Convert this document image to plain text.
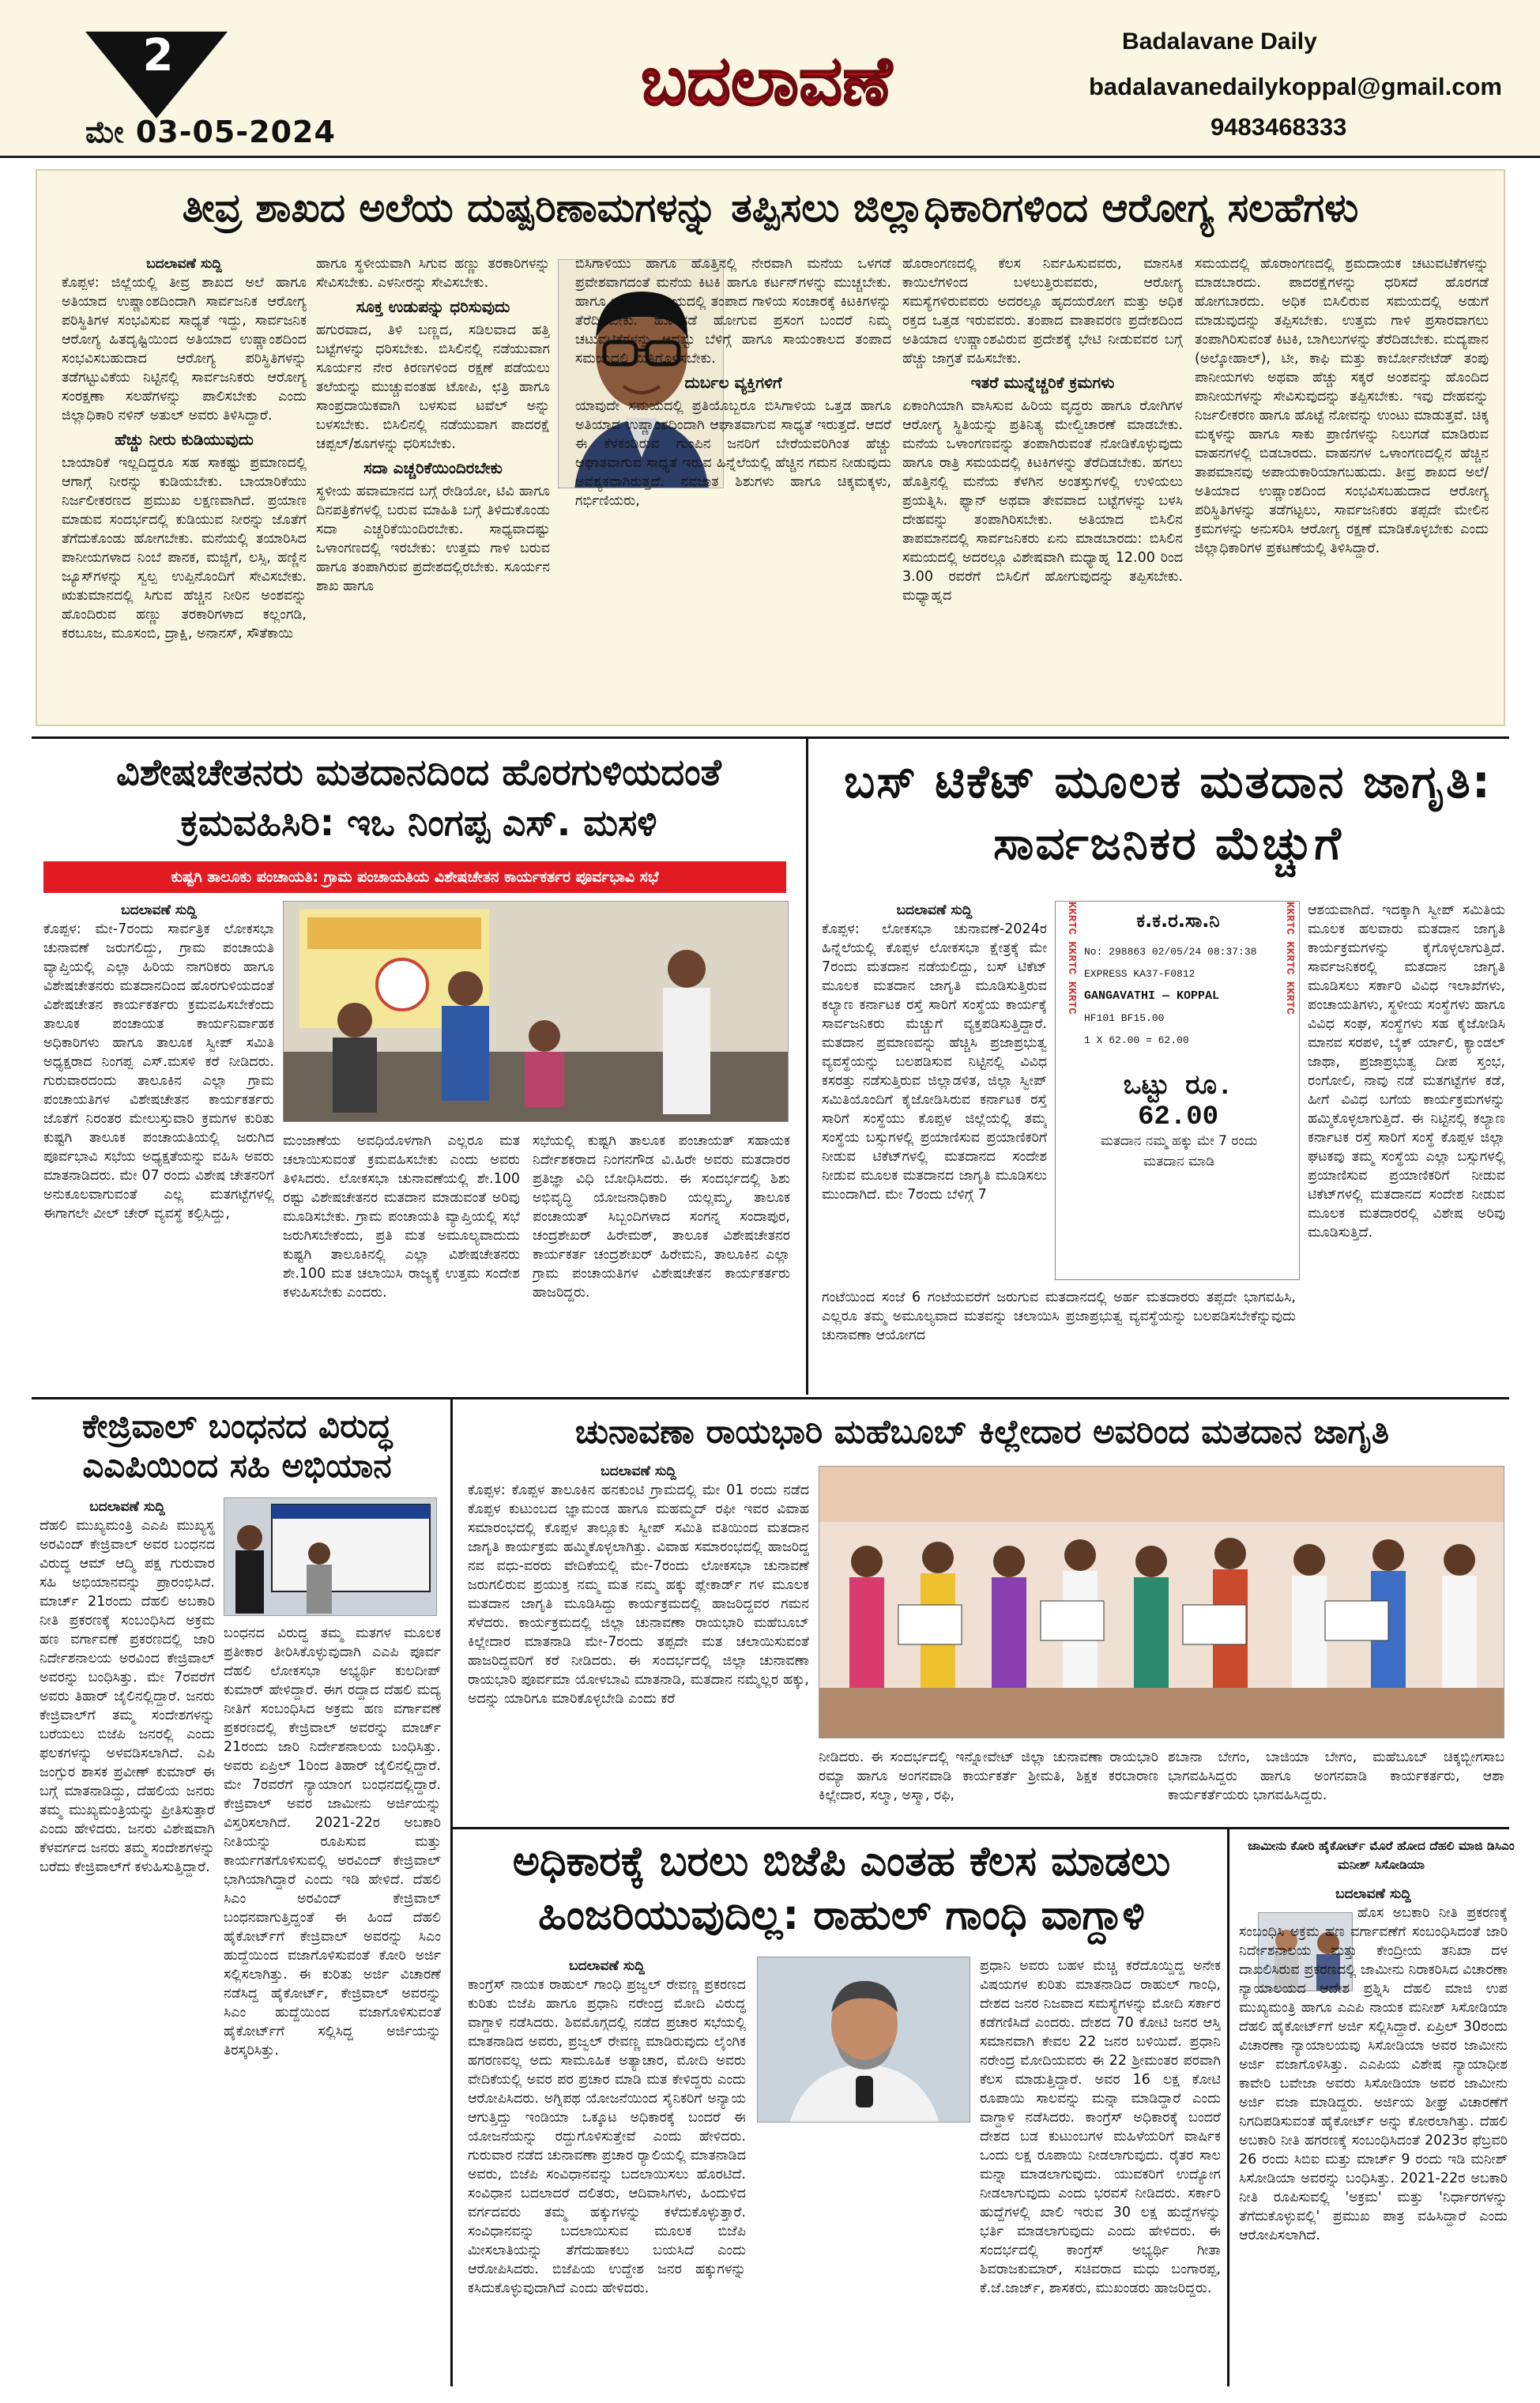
2
ಮೇ 03-05-2024
ಬದಲಾವಣೆ
Badalavane Daily
badalavanedailykoppal@gmail.com
9483468333
ತೀವ್ರ ಶಾಖದ ಅಲೆಯ ದುಷ್ಪರಿಣಾಮಗಳನ್ನು ತಪ್ಪಿಸಲು ಜಿಲ್ಲಾಧಿಕಾರಿಗಳಿಂದ ಆರೋಗ್ಯ ಸಲಹೆಗಳು
ಬದಲಾವಣೆ ಸುದ್ದಿ
ಕೊಪ್ಪಳ: ಜಿಲ್ಲೆಯಲ್ಲಿ ತೀವ್ರ ಶಾಖದ ಅಲೆ ಹಾಗೂ ಅತಿಯಾದ ಉಷ್ಣಾಂಶದಿಂದಾಗಿ ಸಾರ್ವಜನಿಕ ಆರೋಗ್ಯ ಪರಿಸ್ಥಿತಿಗಳ ಸಂಭವಿಸುವ ಸಾಧ್ಯತೆ ಇದ್ದು, ಸಾರ್ವಜನಿಕ ಆರೋಗ್ಯ ಹಿತದೃಷ್ಟಿಯಿಂದ ಅತಿಯಾದ ಉಷ್ಣಾಂಶದಿಂದ ಸಂಭವಿಸಬಹುದಾದ ಆರೋಗ್ಯ ಪರಿಸ್ಥಿತಿಗಳನ್ನು ತಡೆಗಟ್ಟುವಿಕೆಯ ನಿಟ್ಟಿನಲ್ಲಿ ಸಾರ್ವಜನಿಕರು ಆರೋಗ್ಯ ಸಂರಕ್ಷಣಾ ಸಲಹೆಗಳನ್ನು ಪಾಲಿಸಬೇಕು ಎಂದು ಜಿಲ್ಲಾಧಿಕಾರಿ ನಳಿನ್ ಅತುಲ್ ಅವರು ತಿಳಿಸಿದ್ದಾರೆ.
ಹೆಚ್ಚು ನೀರು ಕುಡಿಯುವುದು
ಬಾಯಾರಿಕೆ ಇಲ್ಲದಿದ್ದರೂ ಸಹ ಸಾಕಷ್ಟು ಪ್ರಮಾಣದಲ್ಲಿ ಆಗಾಗ್ಗೆ ನೀರನ್ನು ಕುಡಿಯಬೇಕು. ಬಾಯಾರಿಕೆಯು ನಿರ್ಜಲೀಕರಣದ ಪ್ರಮುಖ ಲಕ್ಷಣವಾಗಿದೆ. ಪ್ರಯಾಣ ಮಾಡುವ ಸಂದರ್ಭದಲ್ಲಿ ಕುಡಿಯುವ ನೀರನ್ನು ಜೊತೆಗೆ ತೆಗೆದುಕೊಂಡು ಹೋಗಬೇಕು. ಮನೆಯಲ್ಲಿ ತಯಾರಿಸಿದ ಪಾನೀಯಗಳಾದ ನಿಂಬೆ ಪಾನಕ, ಮಜ್ಜಿಗೆ, ಲಸ್ಸಿ, ಹಣ್ಣಿನ ಜ್ಯೂಸ್‌ಗಳನ್ನು ಸ್ವಲ್ಪ ಉಪ್ಪಿನೊಂದಿಗೆ ಸೇವಿಸಬೇಕು. ಋತುಮಾನದಲ್ಲಿ ಸಿಗುವ ಹೆಚ್ಚಿನ ನೀರಿನ ಅಂಶವನ್ನು ಹೊಂದಿರುವ ಹಣ್ಣು ತರಕಾರಿಗಳಾದ ಕಲ್ಲಂಗಡಿ, ಕರಬೂಜ, ಮೂಸಂಬಿ, ದ್ರಾಕ್ಷಿ, ಅನಾನಸ್, ಸೌತೆಕಾಯಿ
ಹಾಗೂ ಸ್ಥಳೀಯವಾಗಿ ಸಿಗುವ ಹಣ್ಣು ತರಕಾರಿಗಳನ್ನು ಸೇವಿಸಬೇಕು. ಎಳನೀರನ್ನು ಸೇವಿಸಬೇಕು.
ಸೂಕ್ತ ಉಡುಪನ್ನು ಧರಿಸುವುದು
ಹಗುರವಾದ, ತಿಳಿ ಬಣ್ಣದ, ಸಡಿಲವಾದ ಹತ್ತಿ ಬಟ್ಟೆಗಳನ್ನು ಧರಿಸಬೇಕು. ಬಿಸಿಲಿನಲ್ಲಿ ನಡೆಯುವಾಗ ಸೂರ್ಯನ ನೇರ ಕಿರಣಗಳಿಂದ ರಕ್ಷಣೆ ಪಡೆಯಲು ತಲೆಯನ್ನು ಮುಚ್ಚುವಂತಹ ಟೋಪಿ, ಛತ್ರಿ ಹಾಗೂ ಸಾಂಪ್ರದಾಯಿಕವಾಗಿ ಬಳಸುವ ಟವೆಲ್ ಅನ್ನು ಬಳಸಬೇಕು. ಬಿಸಿಲಿನಲ್ಲಿ ನಡೆಯುವಾಗ ಪಾದರಕ್ಷೆ ಚಪ್ಪಲ್/ಶೂಗಳನ್ನು ಧರಿಸಬೇಕು.
ಸದಾ ಎಚ್ಚರಿಕೆಯಿಂದಿರಬೇಕು
ಸ್ಥಳೀಯ ಹವಾಮಾನದ ಬಗ್ಗೆ ರೇಡಿಯೋ, ಟಿವಿ ಹಾಗೂ ದಿನಪತ್ರಿಕೆಗಳಲ್ಲಿ ಬರುವ ಮಾಹಿತಿ ಬಗ್ಗೆ ತಿಳಿದುಕೊಂಡು ಸದಾ ಎಚ್ಚರಿಕೆಯಿಂದಿರಬೇಕು. ಸಾಧ್ಯವಾದಷ್ಟು ಒಳಾಂಗಣದಲ್ಲಿ ಇರಬೇಕು: ಉತ್ತಮ ಗಾಳಿ ಬರುವ ಹಾಗೂ ತಂಪಾಗಿರುವ ಪ್ರದೇಶದಲ್ಲಿರಬೇಕು. ಸೂರ್ಯನ ಶಾಖ ಹಾಗೂ
ಬಿಸಿಗಾಳಿಯು ಹಾಗೂ ಹೊತ್ತಿನಲ್ಲಿ ನೇರವಾಗಿ ಮನೆಯ ಒಳಗಡೆ ಪ್ರವೇಶವಾಗದಂತೆ ಮನೆಯ ಕಿಟಕಿ ಹಾಗೂ ಕರ್ಟನ್‌ಗಳನ್ನು ಮುಚ್ಚಬೇಕು. ಹಾಗೂ ರಾತ್ರಿಯ ಸಮಯದಲ್ಲಿ ತಂಪಾದ ಗಾಳಿಯ ಸಂಚಾರಕ್ಕೆ ಕಿಟಕಿಗಳನ್ನು ತೆರೆದಿಡಬೇಕು. ಹೊರಗಡೆ ಹೋಗುವ ಪ್ರಸಂಗ ಬಂದರೆ ನಿಮ್ಮ ಚಟುವಟಿಕೆಗಳನ್ನು ಆದಷ್ಟು ಬೆಳಿಗ್ಗೆ ಹಾಗೂ ಸಾಯಂಕಾಲದ ತಂಪಾದ ಸಮಯದಲ್ಲಿ ಮಿತಿಗೊಳಿಸಬೇಕು.
ದುರ್ಬಲ ವ್ಯಕ್ತಿಗಳಿಗೆ
ಯಾವುದೇ ಸಮಯದಲ್ಲಿ ಪ್ರತಿಯೊಬ್ಬರೂ ಬಿಸಿಗಾಳಿಯ ಒತ್ತಡ ಹಾಗೂ ಅತಿಯಾದ ಉಷ್ಣಾಂಶದಿಂದಾಗಿ ಆಘಾತವಾಗುವ ಸಾಧ್ಯತೆ ಇರುತ್ತದೆ. ಆದರೆ ಈ ಕೆಳಕಂಡಿರುವ ಗುಂಪಿನ ಜನರಿಗೆ ಬೇರೆಯವರಿಗಿಂತ ಹೆಚ್ಚು ಆಘಾತವಾಗುವ ಸಾಧ್ಯತೆ ಇರುವ ಹಿನ್ನೆಲೆಯಲ್ಲಿ ಹೆಚ್ಚಿನ ಗಮನ ನೀಡುವುದು ಅವಶ್ಯಕವಾಗಿರುತ್ತದೆ. ನವಜಾತ ಶಿಶುಗಳು ಹಾಗೂ ಚಿಕ್ಕಮಕ್ಕಳು, ಗರ್ಭಿಣಿಯರು,
ಹೊರಾಂಗಣದಲ್ಲಿ ಕೆಲಸ ನಿರ್ವಹಿಸುವವರು, ಮಾನಸಿಕ ಕಾಯಿಲೆಗಳಿಂದ ಬಳಲುತ್ತಿರುವವರು, ಆರೋಗ್ಯ ಸಮಸ್ಯೆಗಳಿರುವವರು ಅದರಲ್ಲೂ ಹೃದಯರೋಗ ಮತ್ತು ಅಧಿಕ ರಕ್ತದ ಒತ್ತಡ ಇರುವವರು. ತಂಪಾದ ವಾತಾವರಣ ಪ್ರದೇಶದಿಂದ ಅತಿಯಾದ ಉಷ್ಣಾಂಶವಿರುವ ಪ್ರದೇಶಕ್ಕೆ ಭೇಟಿ ನೀಡುವವರ ಬಗ್ಗೆ ಹೆಚ್ಚು ಜಾಗ್ರತೆ ವಹಿಸಬೇಕು.
ಇತರೆ ಮುನ್ನೆಚ್ಚರಿಕೆ ಕ್ರಮಗಳು
ಏಕಾಂಗಿಯಾಗಿ ವಾಸಿಸುವ ಹಿರಿಯ ವೃದ್ಧರು ಹಾಗೂ ರೋಗಿಗಳ ಆರೋಗ್ಯ ಸ್ಥಿತಿಯನ್ನು ಪ್ರತಿನಿತ್ಯ ಮೇಲ್ವಿಚಾರಣೆ ಮಾಡಬೇಕು. ಮನೆಯ ಒಳಾಂಗಣವನ್ನು ತಂಪಾಗಿರುವಂತೆ ನೋಡಿಕೊಳ್ಳುವುದು ಹಾಗೂ ರಾತ್ರಿ ಸಮಯದಲ್ಲಿ ಕಿಟಕಿಗಳನ್ನು ತೆರೆದಿಡಬೇಕು. ಹಗಲು ಹೊತ್ತಿನಲ್ಲಿ ಮನೆಯ ಕೆಳಗಿನ ಅಂತಸ್ತುಗಳಲ್ಲಿ ಉಳಿಯಲು ಪ್ರಯತ್ನಿಸಿ. ಫ್ಯಾನ್ ಅಥವಾ ತೇವವಾದ ಬಟ್ಟೆಗಳನ್ನು ಬಳಸಿ ದೇಹವನ್ನು ತಂಪಾಗಿರಿಸಬೇಕು. ಅತಿಯಾದ ಬಿಸಿಲಿನ ತಾಪಮಾನದಲ್ಲಿ ಸಾರ್ವಜನಿಕರು ಏನು ಮಾಡಬಾರದು: ಬಿಸಿಲಿನ ಸಮಯದಲ್ಲಿ ಅದರಲ್ಲೂ ವಿಶೇಷವಾಗಿ ಮಧ್ಯಾಹ್ನ 12.00 ರಿಂದ 3.00 ರವರೆಗೆ ಬಿಸಿಲಿಗೆ ಹೋಗುವುದನ್ನು ತಪ್ಪಿಸಬೇಕು. ಮಧ್ಯಾಹ್ನದ
ಸಮಯದಲ್ಲಿ ಹೊರಾಂಗಣದಲ್ಲಿ ಶ್ರಮದಾಯಕ ಚಟುವಟಿಕೆಗಳನ್ನು ಮಾಡಬಾರದು. ಪಾದರಕ್ಷೆಗಳನ್ನು ಧರಿಸದೆ ಹೊರಗಡೆ ಹೋಗಬಾರದು. ಅಧಿಕ ಬಿಸಿಲಿರುವ ಸಮಯದಲ್ಲಿ ಅಡುಗೆ ಮಾಡುವುದನ್ನು ತಪ್ಪಿಸಬೇಕು. ಉತ್ತಮ ಗಾಳಿ ಪ್ರಸಾರವಾಗಲು ತಂಪಾಗಿರಿಸುವಂತೆ ಕಿಟಕಿ, ಬಾಗಿಲುಗಳನ್ನು ತೆರೆದಿಡಬೇಕು. ಮದ್ಯಪಾನ (ಅಲ್ಕೋಹಾಲ್), ಟೀ, ಕಾಫಿ ಮತ್ತು ಕಾರ್ಬೋನೇಟೆಡ್ ತಂಪು ಪಾನೀಯಗಳು ಅಥವಾ ಹೆಚ್ಚು ಸಕ್ಕರೆ ಅಂಶವನ್ನು ಹೊಂದಿದ ಪಾನೀಯಗಳನ್ನು ಸೇವಿಸುವುದನ್ನು ತಪ್ಪಿಸಬೇಕು. ಇವು ದೇಹವನ್ನು ನಿರ್ಜಲೀಕರಣ ಹಾಗೂ ಹೊಟ್ಟೆ ನೋವನ್ನು ಉಂಟು ಮಾಡುತ್ತವೆ. ಚಿಕ್ಕ ಮಕ್ಕಳನ್ನು ಹಾಗೂ ಸಾಕು ಪ್ರಾಣಿಗಳನ್ನು ನಿಲುಗಡೆ ಮಾಡಿರುವ ವಾಹನಗಳಲ್ಲಿ ಬಿಡಬಾರದು. ವಾಹನಗಳ ಒಳಾಂಗಣದಲ್ಲಿನ ಹೆಚ್ಚಿನ ತಾಪಮಾನವು ಅಪಾಯಕಾರಿಯಾಗಬಹುದು. ತೀವ್ರ ಶಾಖದ ಅಲೆ/ಅತಿಯಾದ ಉಷ್ಣಾಂಶದಿಂದ ಸಂಭವಿಸಬಹುದಾದ ಆರೋಗ್ಯ ಪರಿಸ್ಥಿತಿಗಳನ್ನು ತಡೆಗಟ್ಟಲು, ಸಾರ್ವಜನಿಕರು ತಪ್ಪದೇ ಮೇಲಿನ ಕ್ರಮಗಳನ್ನು ಅನುಸರಿಸಿ ಆರೋಗ್ಯ ರಕ್ಷಣೆ ಮಾಡಿಕೊಳ್ಳಬೇಕು ಎಂದು ಜಿಲ್ಲಾಧಿಕಾರಿಗಳ ಪ್ರಕಟಣೆಯಲ್ಲಿ ತಿಳಿಸಿದ್ದಾರೆ.
ವಿಶೇಷಚೇತನರು ಮತದಾನದಿಂದ ಹೊರಗುಳಿಯದಂತೆ ಕ್ರಮವಹಿಸಿರಿ: ಇಒ ನಿಂಗಪ್ಪ ಎಸ್. ಮಸಳಿ
ಕುಷ್ಟಗಿ ತಾಲೂಕು ಪಂಚಾಯತಿ: ಗ್ರಾಮ ಪಂಚಾಯತಿಯ ವಿಶೇಷಚೇತನ ಕಾರ್ಯಕರ್ತರ ಪೂರ್ವಭಾವಿ ಸಭೆ
ಬದಲಾವಣೆ ಸುದ್ದಿ
ಕೊಪ್ಪಳ: ಮೇ-7ರಂದು ಸಾರ್ವತ್ರಿಕ ಲೋಕಸಭಾ ಚುನಾವಣೆ ಜರುಗಲಿದ್ದು, ಗ್ರಾಮ ಪಂಚಾಯತಿ ವ್ಯಾಪ್ತಿಯಲ್ಲಿ ಎಲ್ಲಾ ಹಿರಿಯ ನಾಗರಿಕರು ಹಾಗೂ ವಿಶೇಷಚೇತನರು ಮತದಾನದಿಂದ ಹೊರಗುಳಿಯದಂತೆ ವಿಶೇಷಚೇತನ ಕಾರ್ಯಕರ್ತರು ಕ್ರಮವಹಿಸಬೇಕೆಂದು ತಾಲೂಕ ಪಂಚಾಯತ ಕಾರ್ಯನಿರ್ವಾಹಕ ಅಧಿಕಾರಿಗಳು ಹಾಗೂ ತಾಲೂಕ ಸ್ವೀಪ್ ಸಮಿತಿ ಅಧ್ಯಕ್ಷರಾದ ನಿಂಗಪ್ಪ ಎಸ್.ಮಸಳಿ ಕರೆ ನೀಡಿದರು. ಗುರುವಾರದಂದು ತಾಲೂಕಿನ ಎಲ್ಲಾ ಗ್ರಾಮ ಪಂಚಾಯತಿಗಳ ವಿಶೇಷಚೇತನ ಕಾರ್ಯಕರ್ತರು ಜೊತೆಗೆ ನಿರಂತರ ಮೇಲುಸ್ತುವಾರಿ ಕ್ರಮಗಳ ಕುರಿತು ಕುಷ್ಟಗಿ ತಾಲೂಕ ಪಂಚಾಯತಿಯಲ್ಲಿ ಜರುಗಿದ ಪೂರ್ವಭಾವಿ ಸಭೆಯ ಅಧ್ಯಕ್ಷತೆಯನ್ನು ವಹಿಸಿ ಅವರು ಮಾತನಾಡಿದರು. ಮೇ 07 ರಂದು ವಿಶೇಷ ಚೇತನರಿಗೆ ಅನುಕೂಲವಾಗುವಂತೆ ಎಲ್ಲ ಮತಗಟ್ಟೆಗಳಲ್ಲಿ ಈಗಾಗಲೇ ವೀಲ್ ಚೇರ್ ವ್ಯವಸ್ಥೆ ಕಲ್ಪಿಸಿದ್ದು,
ಮಂಜಾಣೆಯ ಅವಧಿಯೊಳಗಾಗಿ ಎಲ್ಲರೂ ಮತ ಚಲಾಯಿಸುವಂತೆ ಕ್ರಮವಹಿಸಬೇಕು ಎಂದು ಅವರು ತಿಳಿಸಿದರು. ಲೋಕಸಭಾ ಚುನಾವಣೆಯಲ್ಲಿ ಶೇ.100 ರಷ್ಟು ವಿಶೇಷಚೇತನರ ಮತದಾನ ಮಾಡುವಂತೆ ಅರಿವು ಮೂಡಿಸಬೇಕು. ಗ್ರಾಮ ಪಂಚಾಯತಿ ವ್ಯಾಪ್ತಿಯಲ್ಲಿ ಸಭೆ ಜರುಗಿಸಬೇಕೆಂದು, ಪ್ರತಿ ಮತ ಅಮೂಲ್ಯವಾದುದು ಕುಷ್ಟಗಿ ತಾಲೂಕಿನಲ್ಲಿ ಎಲ್ಲಾ ವಿಶೇಷಚೇತನರು ಶೇ.100 ಮತ ಚಲಾಯಿಸಿ ರಾಜ್ಯಕ್ಕೆ ಉತ್ತಮ ಸಂದೇಶ ಕಳುಹಿಸಬೇಕು ಎಂದರು.
ಸಭೆಯಲ್ಲಿ ಕುಷ್ಟಗಿ ತಾಲೂಕ ಪಂಚಾಯತ್ ಸಹಾಯಕ ನಿರ್ದೇಶಕರಾದ ನಿಂಗನಗೌಡ ವಿ.ಹಿರೇ ಅವರು ಮತದಾರರ ಪ್ರತಿಜ್ಞಾ ವಿಧಿ ಬೋಧಿಸಿದರು. ಈ ಸಂದರ್ಭದಲ್ಲಿ ಶಿಶು ಅಭಿವೃದ್ಧಿ ಯೋಜನಾಧಿಕಾರಿ ಯಲ್ಲಮ್ಮ, ತಾಲೂಕ ಪಂಚಾಯತ್ ಸಿಬ್ಬಂದಿಗಳಾದ ಸಂಗನ್ನ ಸಂದಾಪುರ, ಚಂದ್ರಶೇಖರ್ ಹಿರೇಮಠ್, ತಾಲೂಕ ವಿಶೇಷಚೇತನರ ಕಾರ್ಯಕರ್ತ ಚಂದ್ರಶೇಖರ್ ಹಿರೇಮನಿ, ತಾಲೂಕಿನ ಎಲ್ಲಾ ಗ್ರಾಮ ಪಂಚಾಯತಿಗಳ ವಿಶೇಷಚೇತನ ಕಾರ್ಯಕರ್ತರು ಹಾಜರಿದ್ದರು.
ಬಸ್ ಟಿಕೆಟ್ ಮೂಲಕ ಮತದಾನ ಜಾಗೃತಿ: ಸಾರ್ವಜನಿಕರ ಮೆಚ್ಚುಗೆ
ಬದಲಾವಣೆ ಸುದ್ದಿ
ಕೊಪ್ಪಳ: ಲೋಕಸಭಾ ಚುನಾವಣೆ-2024ರ ಹಿನ್ನೆಲೆಯಲ್ಲಿ ಕೊಪ್ಪಳ ಲೋಕಸಭಾ ಕ್ಷೇತ್ರಕ್ಕೆ ಮೇ 7ರಂದು ಮತದಾನ ನಡೆಯಲಿದ್ದು, ಬಸ್ ಟಿಕೆಟ್ ಮೂಲಕ ಮತದಾನ ಜಾಗೃತಿ ಮೂಡಿಸುತ್ತಿರುವ ಕಲ್ಯಾಣ ಕರ್ನಾಟಕ ರಸ್ತೆ ಸಾರಿಗೆ ಸಂಸ್ಥೆಯ ಕಾರ್ಯಕ್ಕೆ ಸಾರ್ವಜನಿಕರು ಮೆಚ್ಚುಗೆ ವ್ಯಕ್ತಪಡಿಸುತ್ತಿದ್ದಾರೆ. ಮತದಾನ ಪ್ರಮಾಣವನ್ನು ಹೆಚ್ಚಿಸಿ ಪ್ರಜಾಪ್ರಭುತ್ವ ವ್ಯವಸ್ಥೆಯನ್ನು ಬಲಪಡಿಸುವ ನಿಟ್ಟಿನಲ್ಲಿ ವಿವಿಧ ಕಸರತ್ತು ನಡೆಸುತ್ತಿರುವ ಜಿಲ್ಲಾಡಳಿತ, ಜಿಲ್ಲಾ ಸ್ವೀಪ್ ಸಮಿತಿಯೊಂದಿಗೆ ಕೈಜೋಡಿಸಿರುವ ಕರ್ನಾಟಕ ರಸ್ತೆ ಸಾರಿಗೆ ಸಂಸ್ಥೆಯು ಕೊಪ್ಪಳ ಜಿಲ್ಲೆಯಲ್ಲಿ ತಮ್ಮ ಸಂಸ್ಥೆಯ ಬಸ್ಸುಗಳಲ್ಲಿ ಪ್ರಯಾಣಿಸುವ ಪ್ರಯಾಣಿಕರಿಗೆ ನೀಡುವ ಟಿಕೆಟ್‌ಗಳಲ್ಲಿ ಮತದಾನದ ಸಂದೇಶ ನೀಡುವ ಮೂಲಕ ಮತದಾನದ ಜಾಗೃತಿ ಮೂಡಿಸಲು ಮುಂದಾಗಿದೆ. ಮೇ 7ರಂದು ಬೆಳಿಗ್ಗೆ 7
KKRTC KKRTC KKRTC	KKRTC KKRTC KKRTC
ಕ.ಕ.ರ.ಸಾ.ನಿ
No: 298863 02/05/24 08:37:38
EXPRESS KA37-F0812
GANGAVATHI — KOPPAL
HF101 BF15.00
1 X 62.00 = 62.00
ಒಟ್ಟು ರೂ. 62.00
ಮತದಾನ ನಮ್ಮ ಹಕ್ಕು ಮೇ 7 ರಂದು ಮತದಾನ ಮಾಡಿ
ಗಂಟೆಯಿಂದ ಸಂಜೆ 6 ಗಂಟೆಯವರೆಗೆ ಜರುಗುವ ಮತದಾನದಲ್ಲಿ ಅರ್ಹ ಮತದಾರರು ತಪ್ಪದೇ ಭಾಗವಹಿಸಿ, ಎಲ್ಲರೂ ತಮ್ಮ ಅಮೂಲ್ಯವಾದ ಮತವನ್ನು ಚಲಾಯಿಸಿ ಪ್ರಜಾಪ್ರಭುತ್ವ ವ್ಯವಸ್ಥೆಯನ್ನು ಬಲಪಡಿಸಬೇಕೆನ್ನುವುದು ಚುನಾವಣಾ ಆಯೋಗದ
ಆಶಯವಾಗಿದೆ. ಇದಕ್ಕಾಗಿ ಸ್ವೀಪ್ ಸಮಿತಿಯ ಮೂಲಕ ಹಲವಾರು ಮತದಾನ ಜಾಗೃತಿ ಕಾರ್ಯಕ್ರಮಗಳನ್ನು ಕೈಗೊಳ್ಳಲಾಗುತ್ತಿದೆ. ಸಾರ್ವಜನಿಕರಲ್ಲಿ ಮತದಾನ ಜಾಗೃತಿ ಮೂಡಿಸಲು ಸರ್ಕಾರಿ ವಿವಿಧ ಇಲಾಖೆಗಳು, ಪಂಚಾಯತಿಗಳು, ಸ್ಥಳೀಯ ಸಂಸ್ಥೆಗಳು ಹಾಗೂ ವಿವಿಧ ಸಂಘ, ಸಂಸ್ಥೆಗಳು ಸಹ ಕೈಜೋಡಿಸಿ ಮಾನವ ಸರಪಳಿ, ಬೈಕ್ ರ್ಯಾಲಿ, ಕ್ಯಾಂಡಲ್ ಜಾಥಾ, ಪ್ರಜಾಪ್ರಭುತ್ವ ದೀಪ ಸ್ತಂಭ, ರಂಗೋಲಿ, ನಾವು ನಡೆ ಮತಗಟ್ಟೆಗಳ ಕಡೆ, ಹೀಗೆ ವಿವಿಧ ಬಗೆಯ ಕಾರ್ಯಕ್ರಮಗಳನ್ನು ಹಮ್ಮಿಕೊಳ್ಳಲಾಗುತ್ತಿದೆ. ಈ ನಿಟ್ಟಿನಲ್ಲಿ ಕಲ್ಯಾಣ ಕರ್ನಾಟಕ ರಸ್ತೆ ಸಾರಿಗೆ ಸಂಸ್ಥೆ ಕೊಪ್ಪಳ ಜಿಲ್ಲಾ ಘಟಕವು ತಮ್ಮ ಸಂಸ್ಥೆಯ ಎಲ್ಲಾ ಬಸ್ಸುಗಳಲ್ಲಿ ಪ್ರಯಾಣಿಸುವ ಪ್ರಯಾಣಿಕರಿಗೆ ನೀಡುವ ಟಿಕೆಟ್‌ಗಳಲ್ಲಿ ಮತದಾನದ ಸಂದೇಶ ನೀಡುವ ಮೂಲಕ ಮತದಾರರಲ್ಲಿ ವಿಶೇಷ ಅರಿವು ಮೂಡಿಸುತ್ತಿದೆ.
ಕೇಜ್ರಿವಾಲ್ ಬಂಧನದ ವಿರುದ್ಧ ಎಎಪಿಯಿಂದ ಸಹಿ ಅಭಿಯಾನ
ಬದಲಾವಣೆ ಸುದ್ದಿ
ದೆಹಲಿ ಮುಖ್ಯಮಂತ್ರಿ ಎಎಪಿ ಮುಖ್ಯಸ್ಥ ಅರವಿಂದ್ ಕೇಜ್ರಿವಾಲ್ ಅವರ ಬಂಧನದ ವಿರುದ್ಧ ಆಮ್ ಆದ್ಮಿ ಪಕ್ಷ ಗುರುವಾರ ಸಹಿ ಅಭಿಯಾನವನ್ನು ಪ್ರಾರಂಭಿಸಿದೆ. ಮಾರ್ಚ್ 21ರಂದು ದೆಹಲಿ ಅಬಕಾರಿ ನೀತಿ ಪ್ರಕರಣಕ್ಕೆ ಸಂಬಂಧಿಸಿದ ಅಕ್ರಮ ಹಣ ವರ್ಗಾವಣೆ ಪ್ರಕರಣದಲ್ಲಿ ಜಾರಿ ನಿರ್ದೇಶನಾಲಯ ಅರವಿಂದ ಕೇಜ್ರಿವಾಲ್ ಅವರನ್ನು ಬಂಧಿಸಿತ್ತು. ಮೇ 7ರವರೆಗೆ ಅವರು ತಿಹಾರ್ ಜೈಲಿನಲ್ಲಿದ್ದಾರೆ. ಜನರು ಕೇಜ್ರಿವಾಲ್‌ಗೆ ತಮ್ಮ ಸಂದೇಶಗಳನ್ನು ಬರೆಯಲು ಬಿಜೆಪಿ ಜನರಲ್ಲಿ ಎಂದು ಫಲಕಗಳನ್ನು ಅಳವಡಿಸಲಾಗಿದೆ. ಎಪಿ ಜಂಗ್ಪುರ ಶಾಸಕ ಪ್ರವೀಣ್ ಕುಮಾರ್ ಈ ಬಗ್ಗೆ ಮಾತನಾಡಿದ್ದು, ದೆಹಲಿಯ ಜನರು ತಮ್ಮ ಮುಖ್ಯಮಂತ್ರಿಯನ್ನು ಪ್ರೀತಿಸುತ್ತಾರೆ ಎಂದು ಹೇಳಿದರು. ಜನರು ವಿಶೇಷವಾಗಿ ಕೆಳವರ್ಗದ ಜನರು ತಮ್ಮ ಸಂದೇಶಗಳನ್ನು ಬರೆದು ಕೇಜ್ರಿವಾಲ್‌ಗೆ ಕಳುಹಿಸುತ್ತಿದ್ದಾರೆ.
ಬಂಧನದ ವಿರುದ್ಧ ತಮ್ಮ ಮತಗಳ ಮೂಲಕ ಪ್ರತೀಕಾರ ತೀರಿಸಿಕೊಳ್ಳುವುದಾಗಿ ಎಎಪಿ ಪೂರ್ವ ದೆಹಲಿ ಲೋಕಸಭಾ ಅಭ್ಯರ್ಥಿ ಕುಲದೀಪ್ ಕುಮಾರ್ ಹೇಳಿದ್ದಾರೆ. ಈಗ ರದ್ದಾದ ದೆಹಲಿ ಮದ್ಯ ನೀತಿಗೆ ಸಂಬಂಧಿಸಿದ ಅಕ್ರಮ ಹಣ ವರ್ಗಾವಣೆ ಪ್ರಕರಣದಲ್ಲಿ ಕೇಜ್ರಿವಾಲ್ ಅವರನ್ನು ಮಾರ್ಚ್ 21ರಂದು ಜಾರಿ ನಿರ್ದೇಶನಾಲಯ ಬಂಧಿಸಿತ್ತು. ಅವರು ಏಪ್ರಿಲ್ 1ರಿಂದ ತಿಹಾರ್ ಜೈಲಿನಲ್ಲಿದ್ದಾರೆ. ಮೇ 7ರವರೆಗೆ ನ್ಯಾಯಾಂಗ ಬಂಧನದಲ್ಲಿದ್ದಾರೆ. ಕೇಜ್ರಿವಾಲ್ ಅವರ ಜಾಮೀನು ಅರ್ಜಿಯನ್ನು ವಿಸ್ತರಿಸಲಾಗಿದೆ. 2021-22ರ ಅಬಕಾರಿ ನೀತಿಯನ್ನು ರೂಪಿಸುವ ಮತ್ತು ಕಾರ್ಯಗತಗೊಳಿಸುವಲ್ಲಿ ಅರವಿಂದ್ ಕೇಜ್ರಿವಾಲ್ ಭಾಗಿಯಾಗಿದ್ದಾರೆ ಎಂದು ಇಡಿ ಹೇಳಿದೆ. ದೆಹಲಿ ಸಿಎಂ ಅರವಿಂದ್ ಕೇಜ್ರಿವಾಲ್ ಬಂಧನವಾಗುತ್ತಿದ್ದಂತೆ ಈ ಹಿಂದೆ ದೆಹಲಿ ಹೈಕೋರ್ಟ್‌ಗೆ ಕೇಜ್ರಿವಾಲ್ ಅವರನ್ನು ಸಿಎಂ ಹುದ್ದೆಯಿಂದ ವಜಾಗೊಳಿಸುವಂತೆ ಕೋರಿ ಅರ್ಜಿ ಸಲ್ಲಿಸಲಾಗಿತ್ತು. ಈ ಕುರಿತು ಅರ್ಜಿ ವಿಚಾರಣೆ ನಡೆಸಿದ್ದ ಹೈಕೋರ್ಟ್, ಕೇಜ್ರಿವಾಲ್ ಅವರನ್ನು ಸಿಎಂ ಹುದ್ದೆಯಿಂದ ವಜಾಗೊಳಿಸುವಂತೆ ಹೈಕೋರ್ಟ್‌ಗೆ ಸಲ್ಲಿಸಿದ್ದ ಅರ್ಜಿಯನ್ನು ತಿರಸ್ಕರಿಸಿತ್ತು.
ಚುನಾವಣಾ ರಾಯಭಾರಿ ಮಹೆಬೂಬ್ ಕಿಲ್ಲೇದಾರ ಅವರಿಂದ ಮತದಾನ ಜಾಗೃತಿ
ಬದಲಾವಣೆ ಸುದ್ದಿ
ಕೊಪ್ಪಳ: ಕೊಪ್ಪಳ ತಾಲೂಕಿನ ಹನಕುಂಟಿ ಗ್ರಾಮದಲ್ಲಿ ಮೇ 01 ರಂದು ನಡೆದ ಕೊಪ್ಪಳ ಕುಟುಂಬದ ಜ್ಞಾಮಂಡ ಹಾಗೂ ಮಹಮ್ಮದ್ ರಫೀ ಇವರ ವಿವಾಹ ಸಮಾರಂಭದಲ್ಲಿ ಕೊಪ್ಪಳ ತಾಲ್ಲೂಕು ಸ್ವೀಪ್ ಸಮಿತಿ ವತಿಯಿಂದ ಮತದಾನ ಜಾಗೃತಿ ಕಾರ್ಯಕ್ರಮ ಹಮ್ಮಿಕೊಳ್ಳಲಾಗಿತ್ತು. ವಿವಾಹ ಸಮಾರಂಭದಲ್ಲಿ ಹಾಜರಿದ್ದ ನವ ವಧು-ವರರು ವೇದಿಕೆಯಲ್ಲಿ ಮೇ-7ರಂದು ಲೋಕಸಭಾ ಚುನಾವಣೆ ಜರುಗಲಿರುವ ಪ್ರಯುಕ್ತ ನಮ್ಮ ಮತ ನಮ್ಮ ಹಕ್ಕು ಪ್ಲೇಕಾರ್ಡ್ ಗಳ ಮೂಲಕ ಮತದಾನ ಜಾಗೃತಿ ಮೂಡಿಸಿದ್ದು ಕಾರ್ಯಕ್ರಮದಲ್ಲಿ ಹಾಜರಿದ್ದವರ ಗಮನ ಸೆಳೆದರು. ಕಾರ್ಯಕ್ರಮದಲ್ಲಿ ಜಿಲ್ಲಾ ಚುನಾವಣಾ ರಾಯಭಾರಿ ಮಹೆಬೂಬ್ ಕಿಲ್ಲೇದಾರ ಮಾತನಾಡಿ ಮೇ-7ರಂದು ತಪ್ಪದೇ ಮತ ಚಲಾಯಿಸುವಂತೆ ಹಾಜರಿದ್ದವರಿಗೆ ಕರೆ ನೀಡಿದರು. ಈ ಸಂದರ್ಭದಲ್ಲಿ ಜಿಲ್ಲಾ ಚುನಾವಣಾ ರಾಯಭಾರಿ ಪೂರ್ವಮಾ ಯೋಳಬಾವಿ ಮಾತನಾಡಿ, ಮತದಾನ ನಮ್ಮೆಲ್ಲರ ಹಕ್ಕು, ಅದನ್ನು ಯಾರಿಗೂ ಮಾರಿಕೊಳ್ಳಬೇಡಿ ಎಂದು ಕರೆ
ನೀಡಿದರು. ಈ ಸಂದರ್ಭದಲ್ಲಿ ಇನ್ನೋವೇಟ್ ಜಿಲ್ಲಾ ಚುನಾವಣಾ ರಾಯಭಾರಿ ರಮ್ಯಾ ಹಾಗೂ ಅಂಗನವಾಡಿ ಕಾರ್ಯಕರ್ತೆ ಶ್ರೀಮತಿ, ಶಿಕ್ಷಕ ಕರಬಾರಾಣ ಕಿಲ್ಲೇದಾರ, ಸಲ್ಮಾ, ಅಸ್ಮಾ, ರಫಿ,
ಶಬಾನಾ ಬೇಗಂ, ಬಾಜಿಯಾ ಬೇಗಂ, ಮಹೆಬೂಬ್ ಚಿಕ್ಕಬ್ಬೀಗಸಾಬ ಭಾಗವಹಿಸಿದ್ದರು ಹಾಗೂ ಅಂಗನವಾಡಿ ಕಾರ್ಯಕರ್ತರು, ಆಶಾ ಕಾರ್ಯಕರ್ತೆಯರು ಭಾಗವಹಿಸಿದ್ದರು.
ಅಧಿಕಾರಕ್ಕೆ ಬರಲು ಬಿಜೆಪಿ ಎಂತಹ ಕೆಲಸ ಮಾಡಲು ಹಿಂಜರಿಯುವುದಿಲ್ಲ: ರಾಹುಲ್ ಗಾಂಧಿ ವಾಗ್ದಾಳಿ
ಬದಲಾವಣೆ ಸುದ್ದಿ
ಕಾಂಗ್ರೆಸ್ ನಾಯಕ ರಾಹುಲ್ ಗಾಂಧಿ ಪ್ರಜ್ವಲ್ ರೇವಣ್ಣ ಪ್ರಕರಣದ ಕುರಿತು ಬಿಜೆಪಿ ಹಾಗೂ ಪ್ರಧಾನಿ ನರೇಂದ್ರ ಮೋದಿ ವಿರುದ್ಧ ವಾಗ್ದಾಳಿ ನಡೆಸಿದರು. ಶಿವಮೊಗ್ಗದಲ್ಲಿ ನಡೆದ ಪ್ರಚಾರ ಸಭೆಯಲ್ಲಿ ಮಾತನಾಡಿದ ಅವರು, ಪ್ರಜ್ವಲ್ ರೇವಣ್ಣ ಮಾಡಿರುವುದು ಲೈಂಗಿಕ ಹಗರಣವಲ್ಲ ಅದು ಸಾಮೂಹಿಕ ಅತ್ಯಾಚಾರ, ಮೋದಿ ಅವರು ವೇದಿಕೆಯಲ್ಲಿ ಅವರ ಪರ ಪ್ರಚಾರ ಮಾಡಿ ಮತ ಕೇಳಿದ್ದರು ಎಂದು ಆರೋಪಿಸಿದರು. ಅಗ್ನಿಪಥ ಯೋಜನೆಯಿಂದ ಸೈನಿಕರಿಗೆ ಅನ್ಯಾಯ ಆಗುತ್ತಿದ್ದು ಇಂಡಿಯಾ ಒಕ್ಕೂಟ ಅಧಿಕಾರಕ್ಕೆ ಬಂದರೆ ಈ ಯೋಜನೆಯನ್ನು ರದ್ದುಗೊಳಿಸುತ್ತೇವೆ ಎಂದು ಹೇಳಿದರು. ಗುರುವಾರ ನಡೆದ ಚುನಾವಣಾ ಪ್ರಚಾರ ರ‍್ಯಾಲಿಯಲ್ಲಿ ಮಾತನಾಡಿದ ಅವರು, ಬಿಜೆಪಿ ಸಂವಿಧಾನವನ್ನು ಬದಲಾಯಿಸಲು ಹೊರಟಿದೆ. ಸಂವಿಧಾನ ಬದಲಾದರೆ ದಲಿತರು, ಆದಿವಾಸಿಗಳು, ಹಿಂದುಳಿದ ವರ್ಗದವರು ತಮ್ಮ ಹಕ್ಕುಗಳನ್ನು ಕಳೆದುಕೊಳ್ಳುತ್ತಾರೆ. ಸಂವಿಧಾನವನ್ನು ಬದಲಾಯಿಸುವ ಮೂಲಕ ಬಿಜೆಪಿ ಮೀಸಲಾತಿಯನ್ನು ತೆಗೆದುಹಾಕಲು ಬಯಸಿದೆ ಎಂದು ಆರೋಪಿಸಿದರು. ಬಿಜೆಪಿಯ ಉದ್ದೇಶ ಜನರ ಹಕ್ಕುಗಳನ್ನು ಕಸಿದುಕೊಳ್ಳುವುದಾಗಿದೆ ಎಂದು ಹೇಳಿದರು.
ಪ್ರಧಾನಿ ಅವರು ಬಹಳ ಮೆಚ್ಚಿ ಕರೆದೊಯ್ದಿದ್ದ ಅನೇಕ ವಿಷಯಗಳ ಕುರಿತು ಮಾತನಾಡಿದ ರಾಹುಲ್ ಗಾಂಧಿ, ದೇಶದ ಜನರ ನಿಜವಾದ ಸಮಸ್ಯೆಗಳನ್ನು ಮೋದಿ ಸರ್ಕಾರ ಕಡೆಗಣಿಸಿದೆ ಎಂದರು. ದೇಶದ 70 ಕೋಟಿ ಜನರ ಆಸ್ತಿ ಸಮಾನವಾಗಿ ಕೇವಲ 22 ಜನರ ಬಳಿಯಿದೆ. ಪ್ರಧಾನಿ ನರೇಂದ್ರ ಮೋದಿಯವರು ಈ 22 ಶ್ರೀಮಂತರ ಪರವಾಗಿ ಕೆಲಸ ಮಾಡುತ್ತಿದ್ದಾರೆ. ಅವರ 16 ಲಕ್ಷ ಕೋಟಿ ರೂಪಾಯಿ ಸಾಲವನ್ನು ಮನ್ನಾ ಮಾಡಿದ್ದಾರೆ ಎಂದು ವಾಗ್ದಾಳಿ ನಡೆಸಿದರು. ಕಾಂಗ್ರೆಸ್ ಅಧಿಕಾರಕ್ಕೆ ಬಂದರೆ ದೇಶದ ಬಡ ಕುಟುಂಬಗಳ ಮಹಿಳೆಯರಿಗೆ ವಾರ್ಷಿಕ ಒಂದು ಲಕ್ಷ ರೂಪಾಯಿ ನೀಡಲಾಗುವುದು. ರೈತರ ಸಾಲ ಮನ್ನಾ ಮಾಡಲಾಗುವುದು. ಯುವಕರಿಗೆ ಉದ್ಯೋಗ ನೀಡಲಾಗುವುದು ಎಂದು ಭರವಸೆ ನೀಡಿದರು. ಸರ್ಕಾರಿ ಹುದ್ದೆಗಳಲ್ಲಿ ಖಾಲಿ ಇರುವ 30 ಲಕ್ಷ ಹುದ್ದೆಗಳನ್ನು ಭರ್ತಿ ಮಾಡಲಾಗುವುದು ಎಂದು ಹೇಳಿದರು. ಈ ಸಂದರ್ಭದಲ್ಲಿ ಕಾಂಗ್ರೆಸ್ ಅಭ್ಯರ್ಥಿ ಗೀತಾ ಶಿವರಾಜಕುಮಾರ್, ಸಚಿವರಾದ ಮಧು ಬಂಗಾರಪ್ಪ, ಕೆ.ಜೆ.ಜಾರ್ಜ್, ಶಾಸಕರು, ಮುಖಂಡರು ಹಾಜರಿದ್ದರು.
ಜಾಮೀನು ಕೋರಿ ಹೈಕೋರ್ಟ್ ಮೊರೆ ಹೋದ ದೆಹಲಿ ಮಾಜಿ ಡಿಸಿಎಂ ಮನೀಶ್ ಸಿಸೋಡಿಯಾ
ಬದಲಾವಣೆ ಸುದ್ದಿ
ಹೊಸ ಅಬಕಾರಿ ನೀತಿ ಪ್ರಕರಣಕ್ಕೆ ಸಂಬಂಧಿಸಿ ಅಕ್ರಮ ಹಣ ವರ್ಗಾವಣೆಗೆ ಸಂಬಂಧಿಸಿದಂತೆ ಜಾರಿ ನಿರ್ದೇಶನಾಲಯ ಮತ್ತು ಕೇಂದ್ರೀಯ ತನಿಖಾ ದಳ ದಾಖಲಿಸಿರುವ ಪ್ರಕರಣದಲ್ಲಿ ಜಾಮೀನು ನಿರಾಕರಿಸಿದ ವಿಚಾರಣಾ ನ್ಯಾಯಾಲಯದ ಆದೇಶ ಪ್ರಶ್ನಿಸಿ ದೆಹಲಿ ಮಾಜಿ ಉಪ ಮುಖ್ಯಮಂತ್ರಿ ಹಾಗೂ ಎಎಪಿ ನಾಯಕ ಮನೀಶ್ ಸಿಸೋಡಿಯಾ ದೆಹಲಿ ಹೈಕೋರ್ಟ್‌ಗೆ ಅರ್ಜಿ ಸಲ್ಲಿಸಿದ್ದಾರೆ. ಏಪ್ರಿಲ್ 30ರಂದು ವಿಚಾರಣಾ ನ್ಯಾಯಾಲಯವು ಸಿಸೋಡಿಯಾ ಅವರ ಜಾಮೀನು ಅರ್ಜಿ ವಜಾಗೊಳಿಸಿತ್ತು. ಎಎಪಿಯ ವಿಶೇಷ ನ್ಯಾಯಾಧೀಶ ಕಾವೇರಿ ಬವೇಜಾ ಅವರು ಸಿಸೋಡಿಯಾ ಅವರ ಜಾಮೀನು ಅರ್ಜಿ ವಜಾ ಮಾಡಿದ್ದರು. ಅರ್ಜಿಯ ಶೀಘ್ರ ವಿಚಾರಣೆಗೆ ನಿಗದಿಪಡಿಸುವಂತೆ ಹೈಕೋರ್ಟ್ ಅನ್ನು ಕೋರಲಾಗಿತ್ತು. ದೆಹಲಿ ಅಬಕಾರಿ ನೀತಿ ಹಗರಣಕ್ಕೆ ಸಂಬಂಧಿಸಿದಂತೆ 2023ರ ಫೆಬ್ರವರಿ 26 ರಂದು ಸಿಬಿಐ ಮತ್ತು ಮಾರ್ಚ್ 9 ರಂದು ಇಡಿ ಮನೀಶ್ ಸಿಸೋಡಿಯಾ ಅವರನ್ನು ಬಂಧಿಸಿತ್ತು. 2021-22ರ ಅಬಕಾರಿ ನೀತಿ ರೂಪಿಸುವಲ್ಲಿ 'ಅಕ್ರಮ' ಮತ್ತು 'ನಿರ್ಧಾರಗಳನ್ನು ತೆಗೆದುಕೊಳ್ಳುವಲ್ಲಿ' ಪ್ರಮುಖ ಪಾತ್ರ ವಹಿಸಿದ್ದಾರೆ ಎಂದು ಆರೋಪಿಸಲಾಗಿದೆ.
